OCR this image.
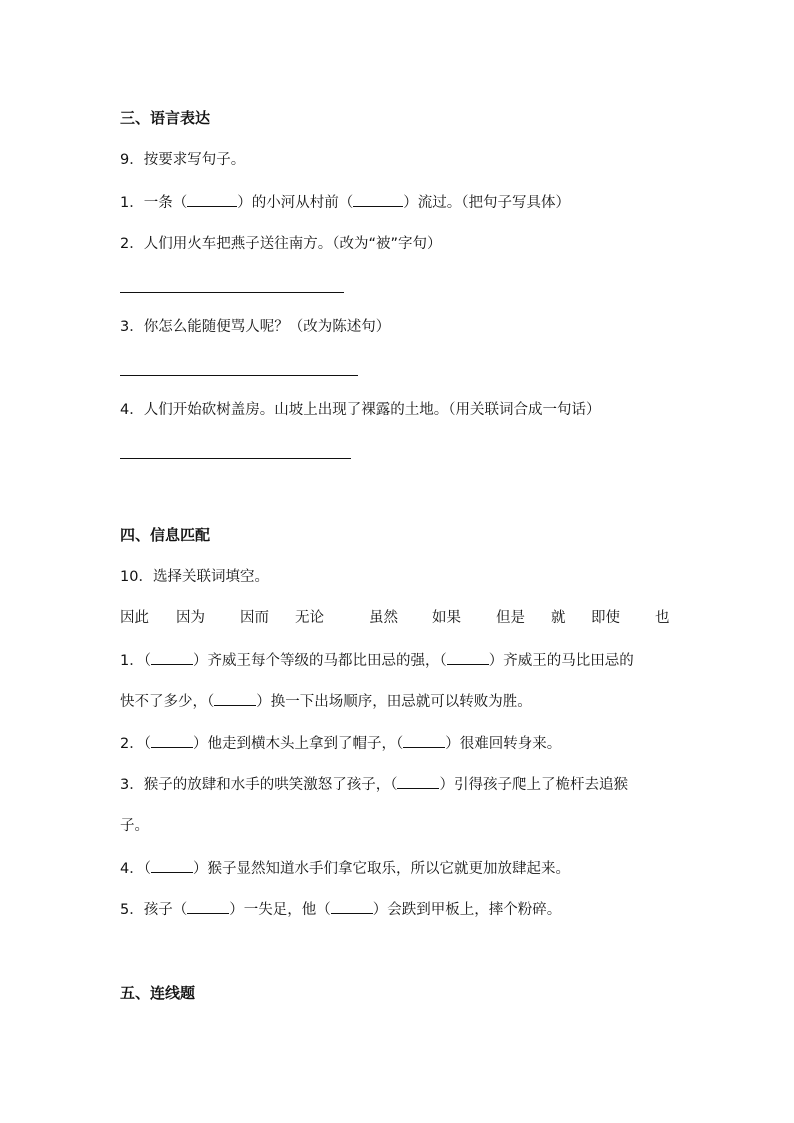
三、语言表达
9．按要求写句子。
1．一条（	）的小河从村前（	）流过。（把句子写具体）
2．人们用火车把燕子送往南方。（改为“被”字句）
3．你怎么能随便骂人呢？（改为陈述句）
4．人们开始砍树盖房。山坡上出现了裸露的土地。（用关联词合成一句话）
四、信息匹配
10．选择关联词填空。
因此 因为 因而 无论	虽然 如果 但是 就 即使 也
1．（	）齐威王每个等级的马都比田忌的强，（	）齐威王的马比田忌的
快不了多少，（	）换一下出场顺序，田忌就可以转败为胜。
2．（	）他走到横木头上拿到了帽子，（	）很难回转身来。
3．猴子的放肆和水手的哄笑激怒了孩子，（	）引得孩子爬上了桅杆去追猴
子。
4．（	）猴子显然知道水手们拿它取乐，所以它就更加放肆起来。
5．孩子（	）一失足，他（	）会跌到甲板上，摔个粉碎。
五、连线题
